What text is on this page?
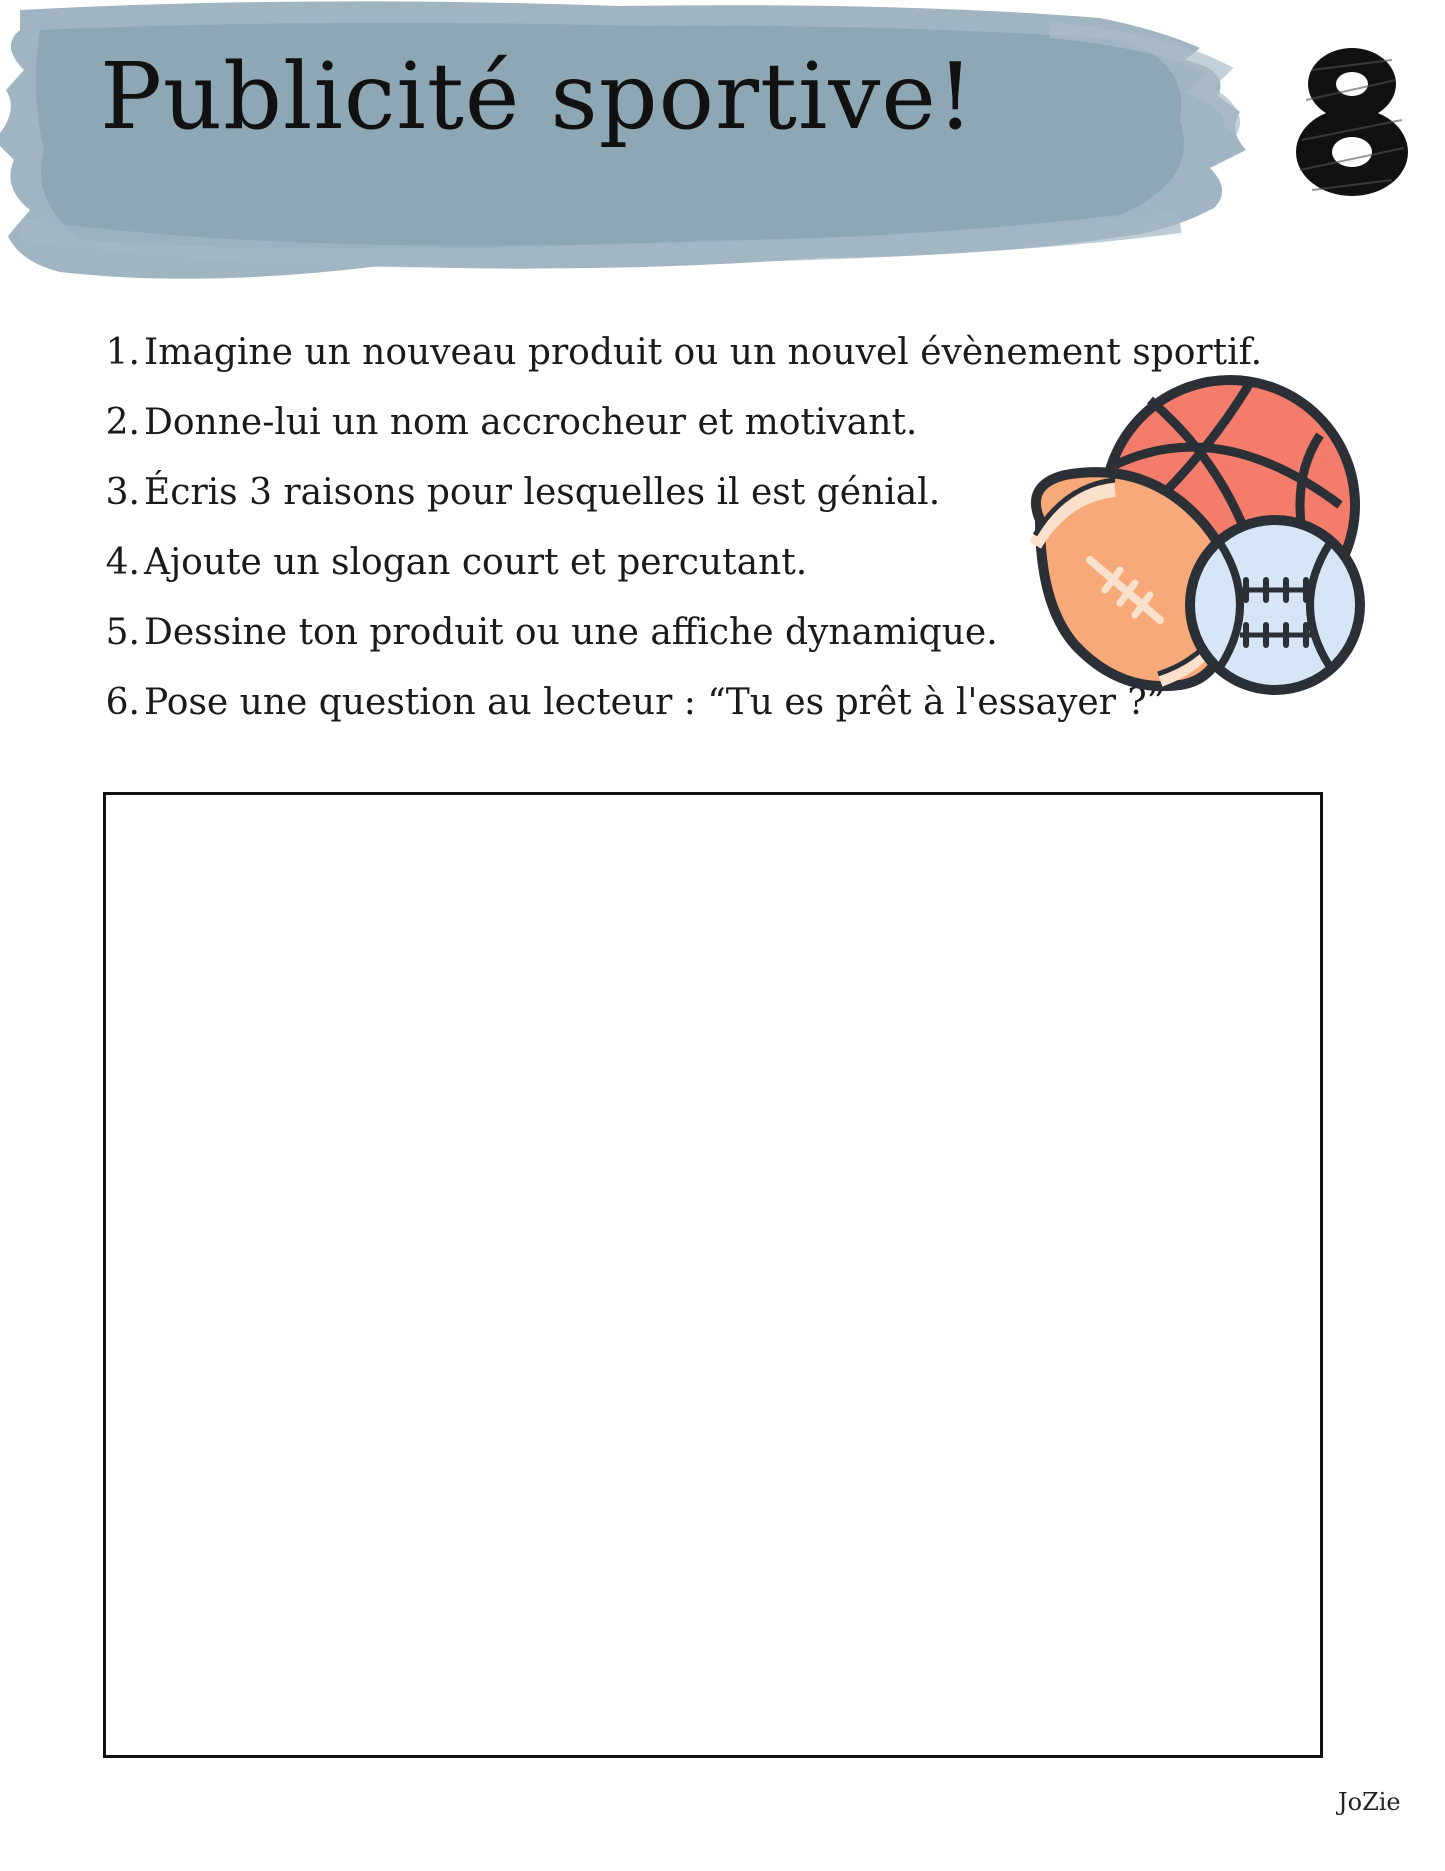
Publicité sportive!	8
1. Imagine un nouveau produit ou un nouvel évènement sportif.
2. Donne-lui un nom accrocheur et motivant.
3. Écris 3 raisons pour lesquelles il est génial.
4. Ajoute un slogan court et percutant.
5. Dessine ton produit ou une affiche dynamique.
6. Pose une question au lecteur : “Tu es prêt à l'essayer ?”
JoZie
